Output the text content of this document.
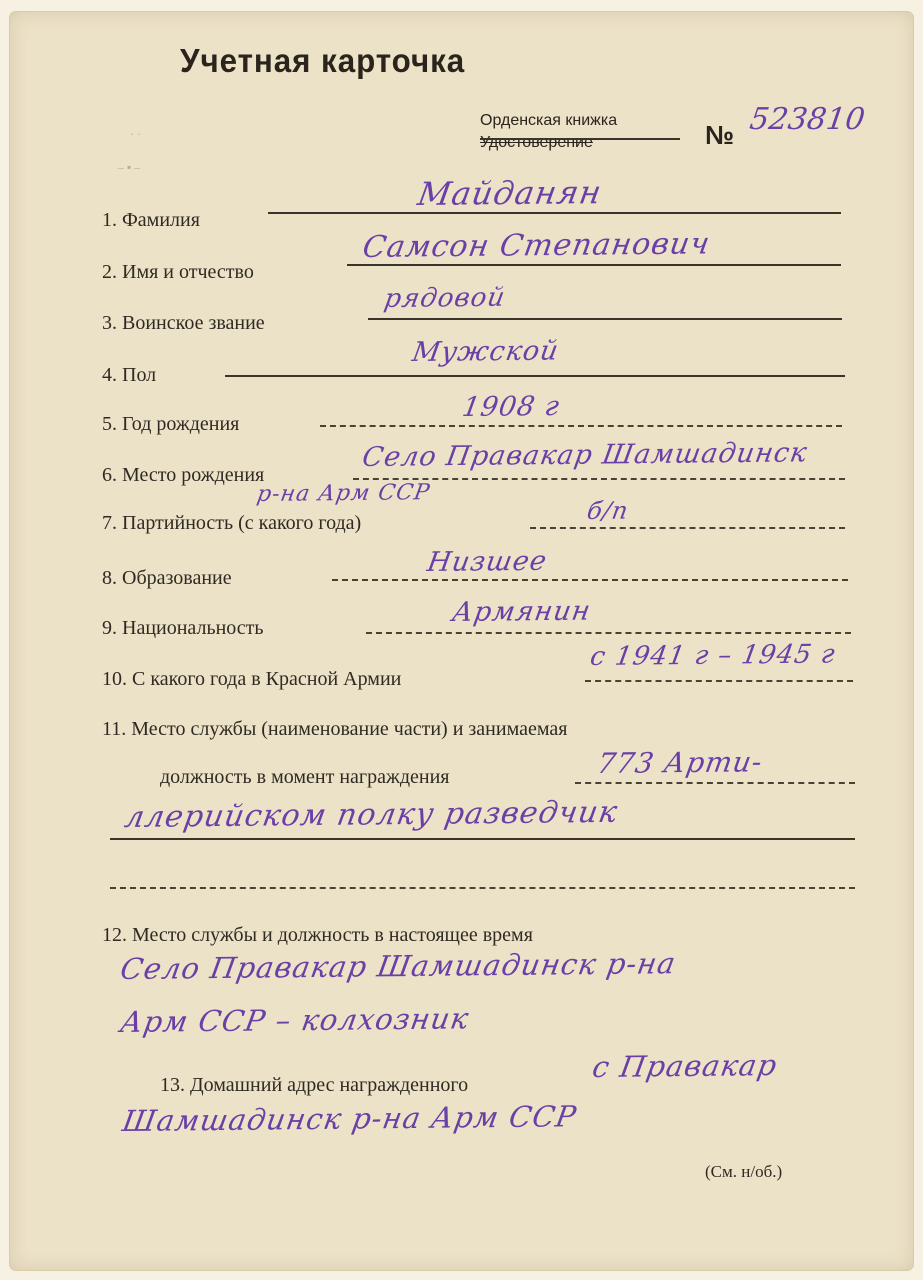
Учетная карточка
Орденская книжка
Удостоверение	№ 523810
· ·
– ▪ –
1. Фамилия
Майданян
2. Имя и отчество
Самсон Степанович
3. Воинское звание
рядовой
4. Пол
Мужской
5. Год рождения
1908 г
6. Место рождения
Село Правакар Шамшадинск
р-на Арм ССР
7. Партийность (с какого года)	б/п
8. Образование	Низшее
9. Национальность	Армянин
10. С какого года в Красной Армии
с 1941 г – 1945 г
11. Место службы (наименование части) и занимаемая
должность в момент награждения	773 Арти-
ллерийском полку разведчик
12. Место службы и должность в настоящее время
Село Правакар Шамшадинск р-на
Арм ССР – колхозник
13. Домашний адрес награжденного
с Правакар
Шамшадинск р-на Арм ССР
(См. н/об.)
